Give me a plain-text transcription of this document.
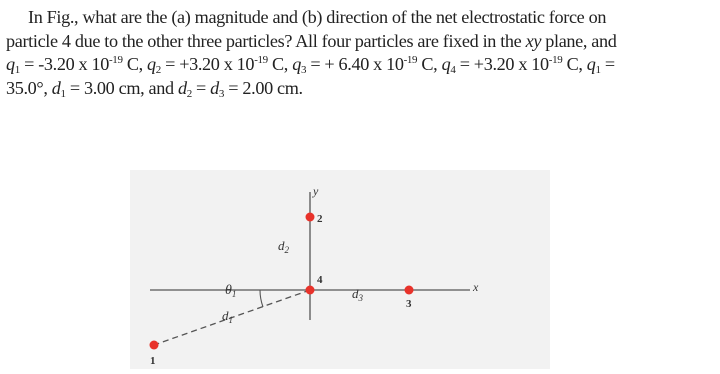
In Fig., what are the (a) magnitude and (b) direction of the net electrostatic force on
particle 4 due to the other three particles? All four particles are fixed in the xy plane, and
$q_1 = -3.20$ x $10^{-19}$ C, $q_2 = +3.20$ x $10^{-19}$ C, $q_3$ = + 6.40 x $10^{-19}$ C, $q_4 = +3.20$ x $10^{-19}$ C, $q_1$ =
35.0°, $d_1 = 3.00$ cm, and $d_2 = d_3 = 2.00$ cm.
y
x
$\theta_1$
$d_1$
$d_2$
$d_3$
2
4
3
1
